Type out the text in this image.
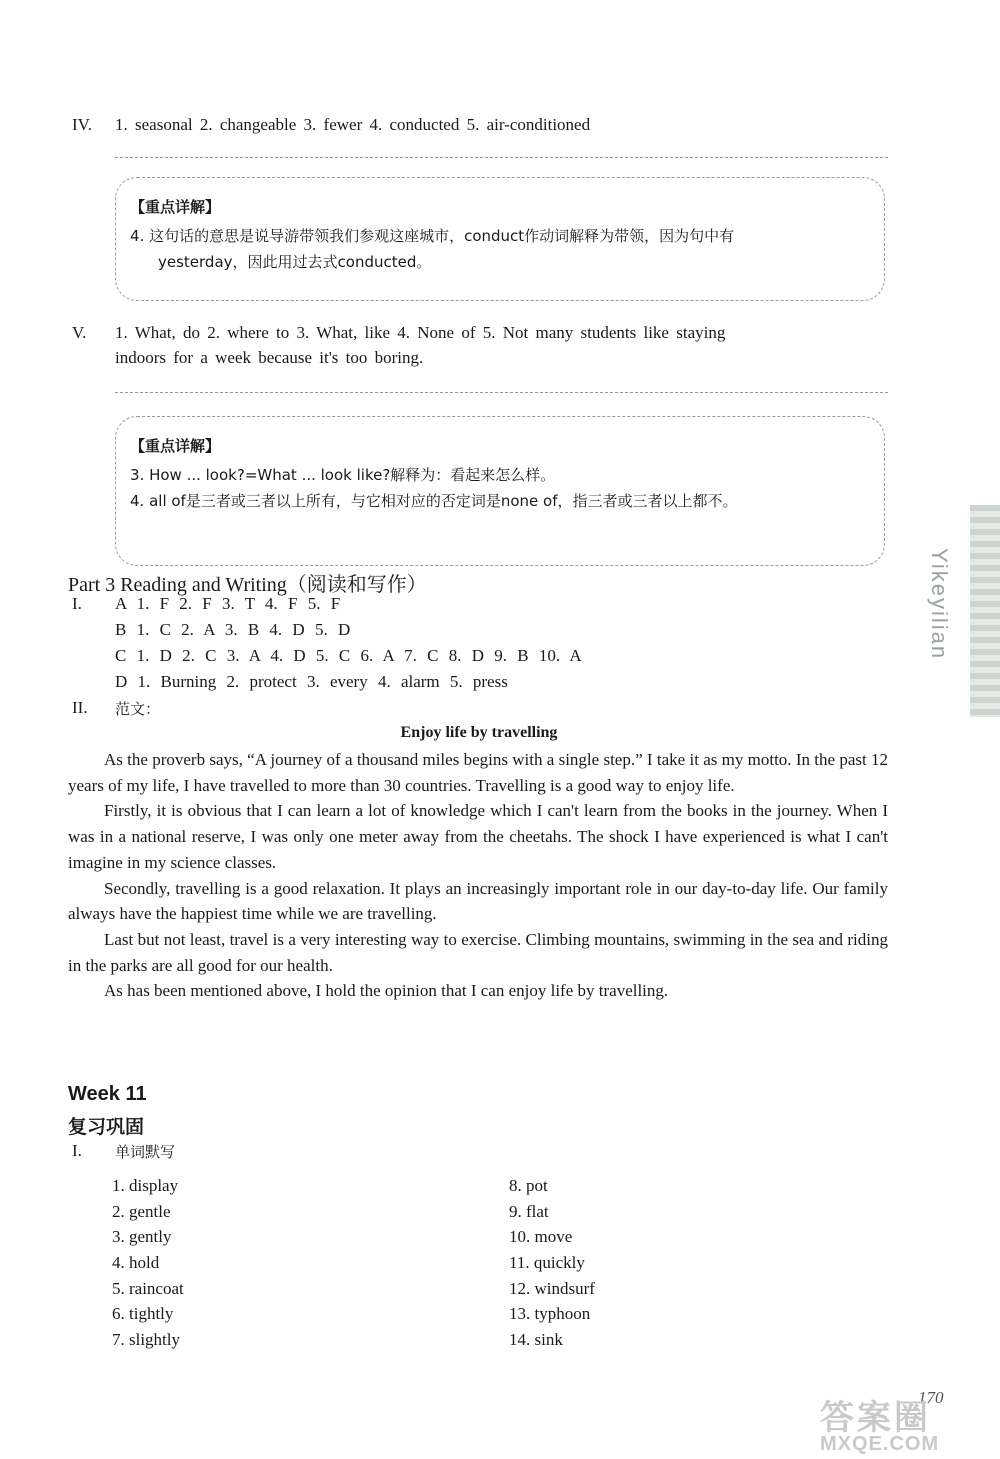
IV. 1. seasonal 2. changeable 3. fewer 4. conducted 5. air-conditioned
【重点详解】
4. 这句话的意思是说导游带领我们参观这座城市，conduct作动词解释为带领，因为句中有
yesterday，因此用过去式conducted。
V. 1. What, do 2. where to 3. What, like 4. None of 5. Not many students like staying
indoors for a week because it's too boring.
【重点详解】
3. How ... look?=What ... look like?解释为：看起来怎么样。
4. all of是三者或三者以上所有，与它相对应的否定词是none of，指三者或三者以上都不。
Part 3 Reading and Writing（阅读和写作）
I. A 1. F 2. F 3. T 4. F 5. F
B 1. C 2. A 3. B 4. D 5. D
C 1. D 2. C 3. A 4. D 5. C 6. A 7. C 8. D 9. B 10. A
D 1. Burning 2. protect 3. every 4. alarm 5. press
II. 范文：
Enjoy life by travelling

As the proverb says, “A journey of a thousand miles begins with a single step.” I take it as my motto. In the past 12 years of my life, I have travelled to more than 30 countries. Travelling is a good way to enjoy life.

Firstly, it is obvious that I can learn a lot of knowledge which I can't learn from the books in the journey. When I was in a national reserve, I was only one meter away from the cheetahs. The shock I have experienced is what I can't imagine in my science classes.

Secondly, travelling is a good relaxation. It plays an increasingly important role in our day-to-day life. Our family always have the happiest time while we are travelling.

Last but not least, travel is a very interesting way to exercise. Climbing mountains, swimming in the sea and riding in the parks are all good for our health.

As has been mentioned above, I hold the opinion that I can enjoy life by travelling.

Week 11
复习巩固
I. 单词默写
1. display
2. gentle
3. gently
4. hold
5. raincoat
6. tightly
7. slightly
8. pot
9. flat
10. move
11. quickly
12. windsurf
13. typhoon
14. sink
Yikeyilian
170
答案圈
MXQE.COM
